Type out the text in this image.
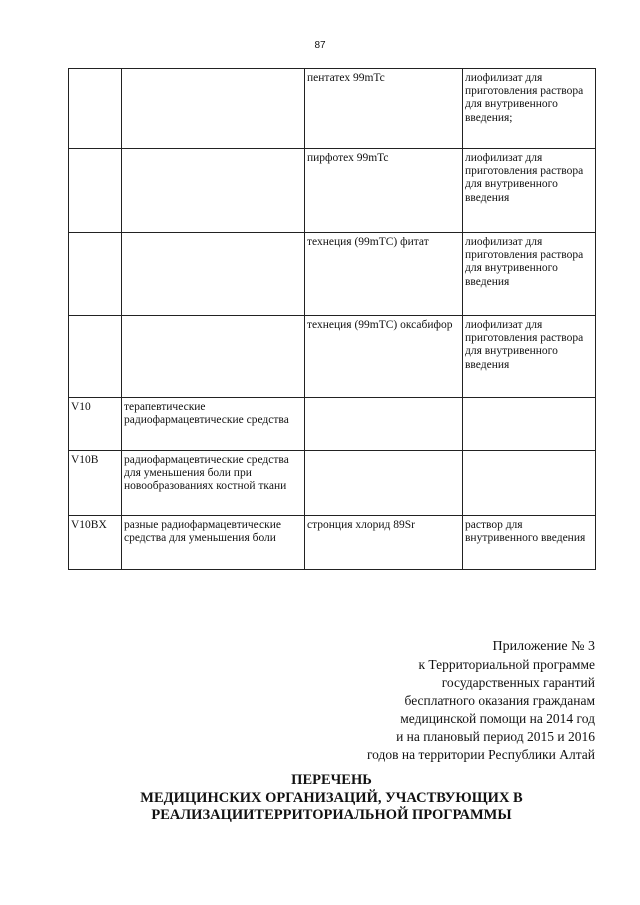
87
		пентатех 99mTc	лиофилизат для приготовления раствора для внутривенного введения;
		пирфотех 99mTc	лиофилизат для приготовления раствора для внутривенного введения
		технеция (99mTC) фитат	лиофилизат для приготовления раствора для внутривенного введения
		технеция (99mTC) оксабифор	лиофилизат для приготовления раствора для внутривенного введения
V10	терапевтические радиофармацевтические средства		
V10B	радиофармацевтические средства для уменьшения боли при новообразованиях костной ткани		
V10BX	разные радиофармацевтические средства для уменьшения боли	стронция хлорид 89Sr	раствор для внутривенного введения
Приложение № 3
к Территориальной программе
государственных гарантий
бесплатного оказания гражданам
медицинской помощи на 2014 год
и на плановый период 2015 и 2016
годов на территории Республики Алтай
ПЕРЕЧЕНЬ
МЕДИЦИНСКИХ ОРГАНИЗАЦИЙ, УЧАСТВУЮЩИХ В
РЕАЛИЗАЦИИТЕРРИТОРИАЛЬНОЙ ПРОГРАММЫ
